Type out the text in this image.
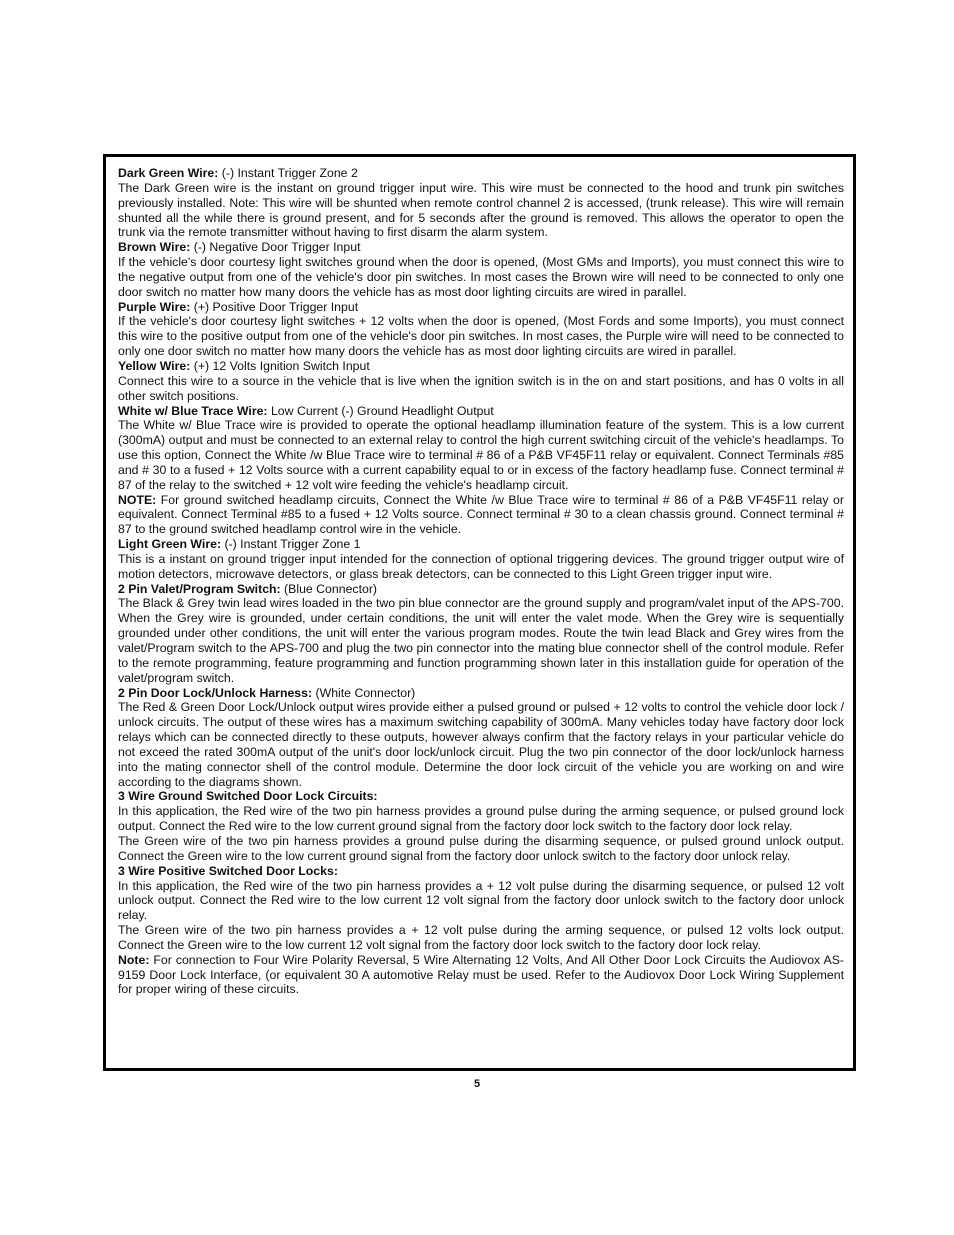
Dark Green Wire: (-) Instant Trigger Zone 2

The Dark Green wire is the instant on ground trigger input wire. This wire must be connected to the hood and trunk pin switches previously installed. Note: This wire will be shunted when remote control channel 2 is accessed, (trunk release). This wire will remain shunted all the while there is ground present, and for 5 seconds after the ground is removed. This allows the operator to open the trunk via the remote transmitter without having to first disarm the alarm system.

Brown Wire: (-) Negative Door Trigger Input

If the vehicle's door courtesy light switches ground when the door is opened, (Most GMs and Imports), you must connect this wire to the negative output from one of the vehicle's door pin switches. In most cases the Brown wire will need to be connected to only one door switch no matter how many doors the vehicle has as most door lighting circuits are wired in parallel.

Purple Wire: (+) Positive Door Trigger Input

If the vehicle's door courtesy light switches + 12 volts when the door is opened, (Most Fords and some Imports), you must connect this wire to the positive output from one of the vehicle's door pin switches. In most cases, the Purple wire will need to be connected to only one door switch no matter how many doors the vehicle has as most door lighting circuits are wired in parallel.

Yellow Wire: (+) 12 Volts Ignition Switch Input

Connect this wire to a source in the vehicle that is live when the ignition switch is in the on and start positions, and has 0 volts in all other switch positions.

White w/ Blue Trace Wire: Low Current (-) Ground Headlight Output

The White w/ Blue Trace wire is provided to operate the optional headlamp illumination feature of the system. This is a low current (300mA) output and must be connected to an external relay to control the high current switching circuit of the vehicle's headlamps. To use this option, Connect the White /w Blue Trace wire to terminal # 86 of a P&B VF45F11 relay or equivalent. Connect Terminals #85 and # 30 to a fused + 12 Volts source with a current capability equal to or in excess of the factory headlamp fuse. Connect terminal # 87 of the relay to the switched + 12 volt wire feeding the vehicle's headlamp circuit.

NOTE: For ground switched headlamp circuits, Connect the White /w Blue Trace wire to terminal # 86 of a P&B VF45F11 relay or equivalent. Connect Terminal #85 to a fused + 12 Volts source. Connect terminal # 30 to a clean chassis ground. Connect terminal # 87 to the ground switched headlamp control wire in the vehicle.

Light Green Wire: (-) Instant Trigger Zone 1

This is a instant on ground trigger input intended for the connection of optional triggering devices. The ground trigger output wire of motion detectors, microwave detectors, or glass break detectors, can be connected to this Light Green trigger input wire.

2 Pin Valet/Program Switch: (Blue Connector)

The Black & Grey twin lead wires loaded in the two pin blue connector are the ground supply and program/valet input of the APS-700. When the Grey wire is grounded, under certain conditions, the unit will enter the valet mode. When the Grey wire is sequentially grounded under other conditions, the unit will enter the various program modes. Route the twin lead Black and Grey wires from the valet/Program switch to the APS-700 and plug the two pin connector into the mating blue connector shell of the control module. Refer to the remote programming, feature programming and function programming shown later in this installation guide for operation of the valet/program switch.

2 Pin Door Lock/Unlock Harness: (White Connector)

The Red & Green Door Lock/Unlock output wires provide either a pulsed ground or pulsed + 12 volts to control the vehicle door lock / unlock circuits. The output of these wires has a maximum switching capability of 300mA. Many vehicles today have factory door lock relays which can be connected directly to these outputs, however always confirm that the factory relays in your particular vehicle do not exceed the rated 300mA output of the unit's door lock/unlock circuit. Plug the two pin connector of the door lock/unlock harness into the mating connector shell of the control module. Determine the door lock circuit of the vehicle you are working on and wire according to the diagrams shown.

3 Wire Ground Switched Door Lock Circuits:

In this application, the Red wire of the two pin harness provides a ground pulse during the arming sequence, or pulsed ground lock output. Connect the Red wire to the low current ground signal from the factory door lock switch to the factory door lock relay.

The Green wire of the two pin harness provides a ground pulse during the disarming sequence, or pulsed ground unlock output. Connect the Green wire to the low current ground signal from the factory door unlock switch to the factory door unlock relay.

3 Wire Positive Switched Door Locks:

In this application, the Red wire of the two pin harness provides a + 12 volt pulse during the disarming sequence, or pulsed 12 volt unlock output. Connect the Red wire to the low current 12 volt signal from the factory door unlock switch to the factory door unlock relay.

The Green wire of the two pin harness provides a + 12 volt pulse during the arming sequence, or pulsed 12 volts lock output. Connect the Green wire to the low current 12 volt signal from the factory door lock switch to the factory door lock relay.

Note: For connection to Four Wire Polarity Reversal, 5 Wire Alternating 12 Volts, And All Other Door Lock Circuits the Audiovox AS-9159 Door Lock Interface, (or equivalent 30 A automotive Relay must be used. Refer to the Audiovox Door Lock Wiring Supplement for proper wiring of these circuits.

5
